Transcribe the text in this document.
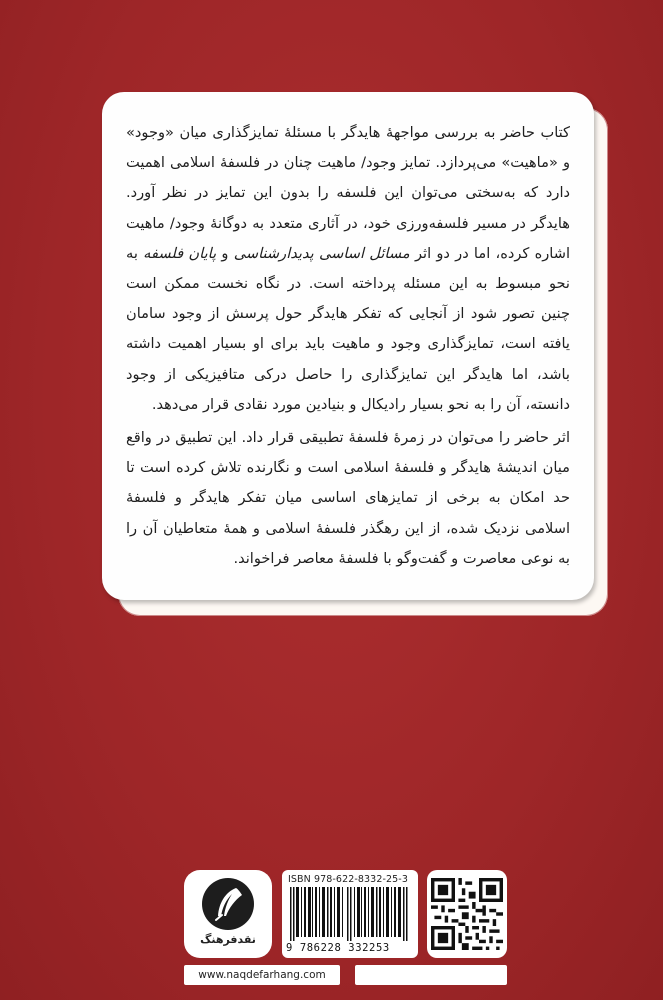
کتاب حاضر به بررسی مواجههٔ هایدگر با مسئلهٔ تمایزگذاری میان «وجود» و «ماهیت» می‌پردازد. تمایز وجود/ ماهیت چنان در فلسفهٔ اسلامی اهمیت دارد که به‌سختی می‌توان این فلسفه را بدون این تمایز در نظر آورد. هایدگر در مسیر فلسفه‌ورزی خود، در آثاری متعدد به دوگانهٔ وجود/ ماهیت اشاره کرده، اما در دو اثر مسائل اساسی پدیدارشناسی و پایان فلسفه به نحو مبسوط به این مسئله پرداخته است. در نگاه نخست ممکن است چنین تصور شود از آنجایی که تفکر هایدگر حول پرسش از وجود سامان یافته است، تمایزگذاری وجود و ماهیت باید برای او بسیار اهمیت داشته باشد، اما هایدگر این تمایزگذاری را حاصل درکی متافیزیکی از وجود دانسته، آن را به نحو بسیار رادیکال و بنیادین مورد نقادی قرار می‌دهد.

اثر حاضر را می‌توان در زمرهٔ فلسفهٔ تطبیقی قرار داد. این تطبیق در واقع میان اندیشهٔ هایدگر و فلسفهٔ اسلامی است و نگارنده تلاش کرده است تا حد امکان به برخی از تمایزهای اساسی میان تفکر هایدگر و فلسفهٔ اسلامی نزدیک شده، از این رهگذر فلسفهٔ اسلامی و همهٔ متعاطیان آن را به نوعی معاصرت و گفت‌وگو با فلسفهٔ معاصر فراخواند.

نقدفرهنگ
ISBN 978-622-8332-25-3
9 786228 332253
www.naqdefarhang.com
